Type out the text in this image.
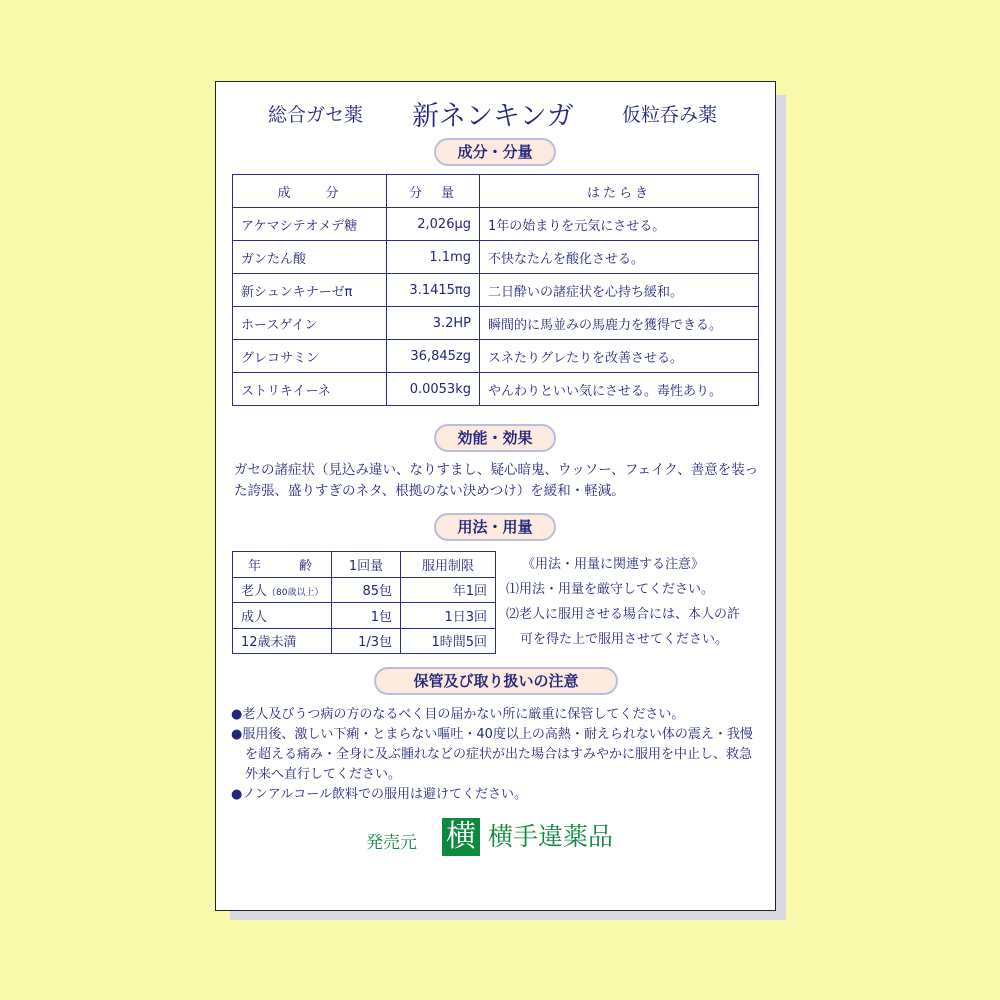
総合ガセ薬 新ネンキンガ	仮粒呑み薬
成分・分量
成　　分	分　量	はたらき
アケマシテオメデ糖	2,026μg	1年の始まりを元気にさせる。
ガンたん酸	1.1mg	不快なたんを酸化させる。
新シュンキナーゼπ	3.1415πg	二日酔いの諸症状を心持ち緩和。
ホースゲイン	3.2HP	瞬間的に馬並みの馬鹿力を獲得できる。
グレコサミン	36,845zg	スネたりグレたりを改善させる。
ストリキイーネ	0.0053kg	やんわりといい気にさせる。毒性あり。
効能・効果
ガセの諸症状（見込み違い、なりすまし、疑心暗鬼、ウッソー、フェイク、善意を装った誇張、盛りすぎのネタ、根拠のない決めつけ）を緩和・軽減。
用法・用量
年　　齢	1回量	服用制限
老人（80歳以上）	85包	年1回
成人	1包	1日3回
12歳未満	1/3包	1時間5回
《用法・用量に関連する注意》
⑴用法・用量を厳守してください。
⑵老人に服用させる場合には、本人の許
可を得た上で服用させてください。
保管及び取り扱いの注意
●老人及びうつ病の方のなるべく目の届かない所に厳重に保管してください。
●服用後、激しい下痢・とまらない嘔吐・40度以上の高熱・耐えられない体の震え・我慢を超える痛み・全身に及ぶ腫れなどの症状が出た場合はすみやかに服用を中止し、救急外来へ直行してください。
●ノンアルコール飲料での服用は避けてください。
発売元 横 横手違薬品
